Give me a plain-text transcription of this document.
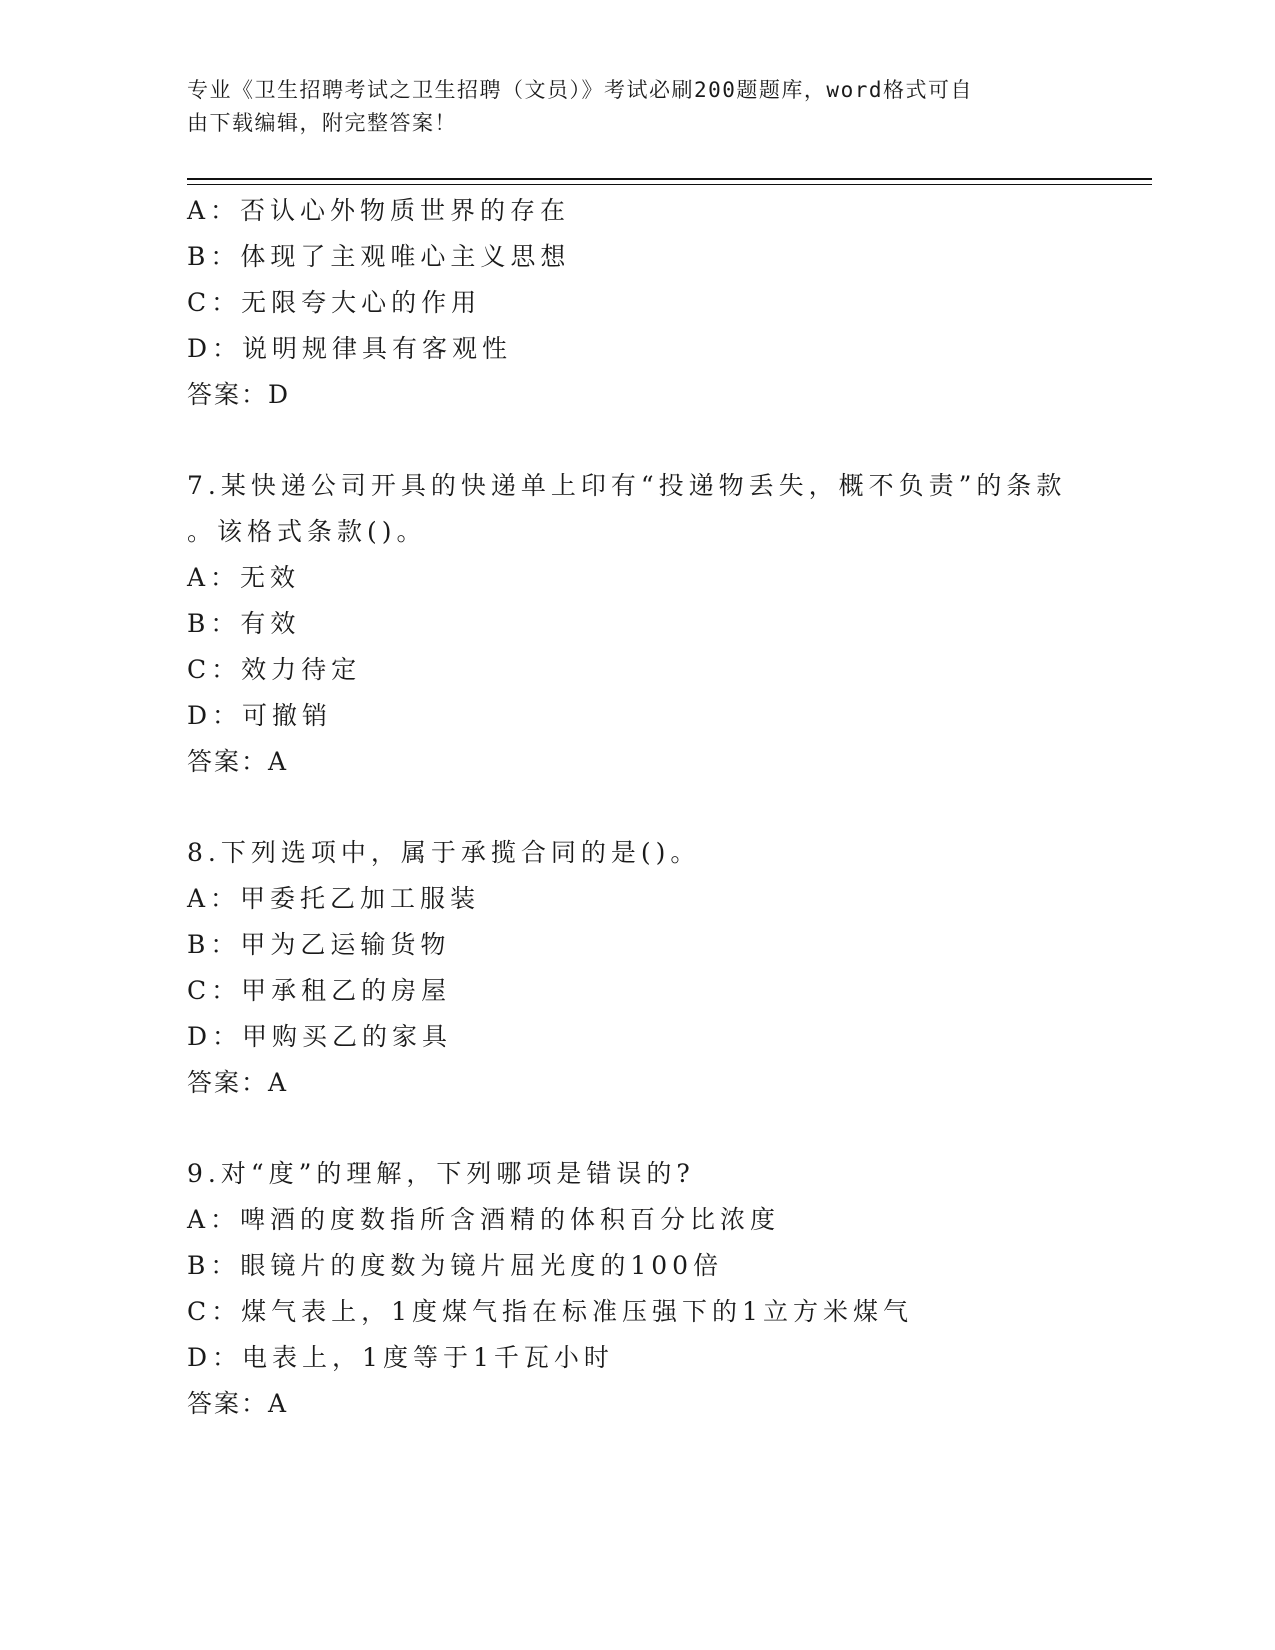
专业《卫生招聘考试之卫生招聘（文员）》考试必刷200题题库，word格式可自
由下载编辑，附完整答案！
A：否认心外物质世界的存在
B：体现了主观唯心主义思想
C：无限夸大心的作用
D：说明规律具有客观性
答案：D
7.某快递公司开具的快递单上印有“投递物丢失，概不负责”的条款
。该格式条款()。
A：无效
B：有效
C：效力待定
D：可撤销
答案：A
8.下列选项中，属于承揽合同的是()。
A：甲委托乙加工服装
B：甲为乙运输货物
C：甲承租乙的房屋
D：甲购买乙的家具
答案：A
9.对“度”的理解，下列哪项是错误的?
A：啤酒的度数指所含酒精的体积百分比浓度
B：眼镜片的度数为镜片屈光度的100倍
C：煤气表上，1度煤气指在标准压强下的1立方米煤气
D：电表上，1度等于1千瓦小时
答案：A
